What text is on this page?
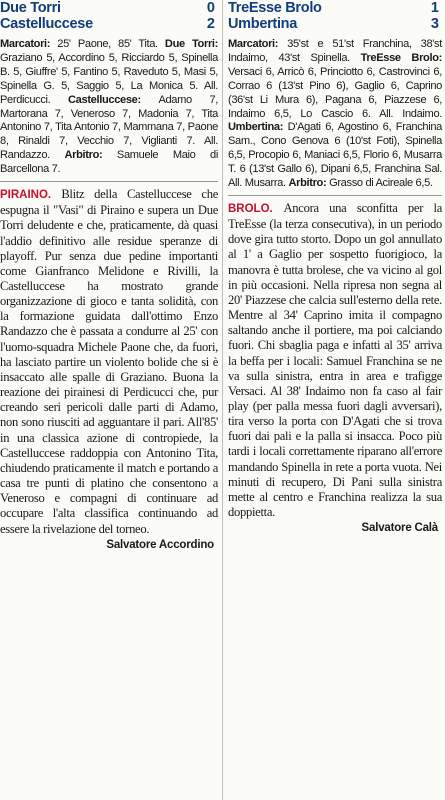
Due Torri	0
Castelluccese	2
Marcatori: 25' Paone, 85' Tita. Due Torri: Graziano 5, Accordino 5, Ricciardo 5, Spinella B. 5, Giuffre' 5, Fantino 5, Raveduto 5, Masi 5, Spinella G. 5, Saggio 5, La Monica 5. All. Perdicucci. Castelluccese: Adamo 7, Martorana 7, Veneroso 7, Madonia 7, Tita Antonino 7, Tita Antonio 7, Mammana 7, Paone 8, Rinaldi 7, Vecchio 7, Viglianti 7. All. Randazzo. Arbitro: Samuele Maio di Barcellona 7.
PIRAINO. Blitz della Castelluccese che espugna il "Vasi" di Piraino e supera un Due Torri deludente e che, praticamente, dà quasi l'addio definitivo alle residue speranze di playoff. Pur senza due pedine importanti come Gianfranco Melidone e Rivilli, la Castelluccese ha mostrato grande organizzazione di gioco e tanta solidità, con la formazione guidata dall'ottimo Enzo Randazzo che è passata a condurre al 25' con l'uomo-squadra Michele Paone che, da fuori, ha lasciato partire un violento bolide che si è insaccato alle spalle di Graziano. Buona la reazione dei pirainesi di Perdicucci che, pur creando seri pericoli dalle parti di Adamo, non sono riusciti ad agguantare il pari. All'85' in una classica azione di contropiede, la Castelluccese raddoppia con Antonino Tita, chiudendo praticamente il match e portando a casa tre punti di platino che consentono a Veneroso e compagni di continuare ad occupare l'alta classifica continuando ad essere la rivelazione del torneo.
Salvatore Accordino
TreEsse Brolo	1
Umbertina	3
Marcatori: 35'st e 51'st Franchina, 38'st Indaimo, 43'st Spinella. TreEsse Brolo: Versaci 6, Arricò 6, Princiotto 6, Castrovinci 6, Corrao 6 (13'st Pino 6), Gaglio 6, Caprino (36'st Li Mura 6), Pagana 6, Piazzese 6, Indaimo 6,5, Lo Cascio 6. All. Indaimo. Umbertina: D'Agati 6, Agostino 6, Franchina Sam., Cono Genova 6 (10'st Foti), Spinella 6,5, Procopio 6, Maniaci 6,5, Florio 6, Musarra T. 6 (13'st Gallo 6), Dipani 6,5, Franchina Sal. All. Musarra. Arbitro: Grasso di Acireale 6,5.
BROLO. Ancora una sconfitta per la TreEsse (la terza consecutiva), in un periodo dove gira tutto storto. Dopo un gol annullato al 1' a Gaglio per sospetto fuorigioco, la manovra è tutta brolese, che va vicino al gol in più occasioni. Nella ripresa non segna al 20' Piazzese che calcia sull'esterno della rete. Mentre al 34' Caprino imita il compagno saltando anche il portiere, ma poi calciando fuori. Chi sbaglia paga e infatti al 35' arriva la beffa per i locali: Samuel Franchina se ne va sulla sinistra, entra in area e trafigge Versaci. Al 38' Indaimo non fa caso al fair play (per palla messa fuori dagli avversari), tira verso la porta con D'Agati che si trova fuori dai pali e la palla si insacca. Poco più tardi i locali correttamente riparano all'errore mandando Spinella in rete a porta vuota. Nei minuti di recupero, Di Pani sulla sinistra mette al centro e Franchina realizza la sua doppietta.
Salvatore Calà
